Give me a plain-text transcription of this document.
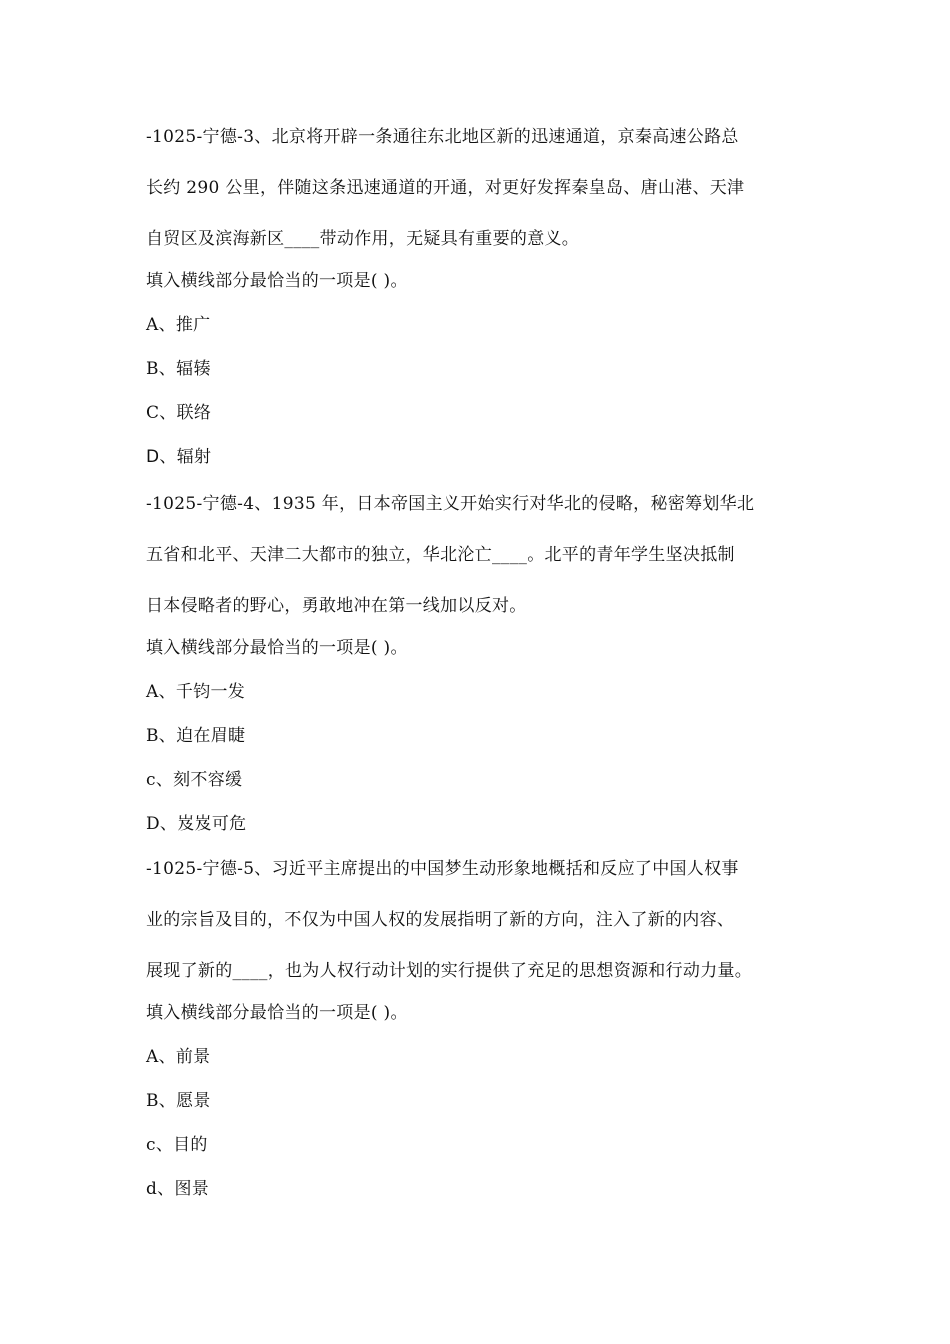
-1025-宁德-3、北京将开辟一条通往东北地区新的迅速通道，京秦高速公路总
长约 290 公里，伴随这条迅速通道的开通，对更好发挥秦皇岛、唐山港、天津
自贸区及滨海新区____带动作用，无疑具有重要的意义。
填入横线部分最恰当的一项是( )。
A、推广
B、辐辏
C、联络
D、辐射
-1025-宁德-4、1935 年，日本帝国主义开始实行对华北的侵略，秘密筹划华北
五省和北平、天津二大都市的独立，华北沦亡____。北平的青年学生坚决抵制
日本侵略者的野心，勇敢地冲在第一线加以反对。
填入横线部分最恰当的一项是( )。
A、千钧一发
B、迫在眉睫
c、刻不容缓
D、岌岌可危
-1025-宁德-5、习近平主席提出的中国梦生动形象地概括和反应了中国人权事
业的宗旨及目的，不仅为中国人权的发展指明了新的方向，注入了新的内容、
展现了新的____，也为人权行动计划的实行提供了充足的思想资源和行动力量。
填入横线部分最恰当的一项是( )。
A、前景
B、愿景
c、目的
d、图景
